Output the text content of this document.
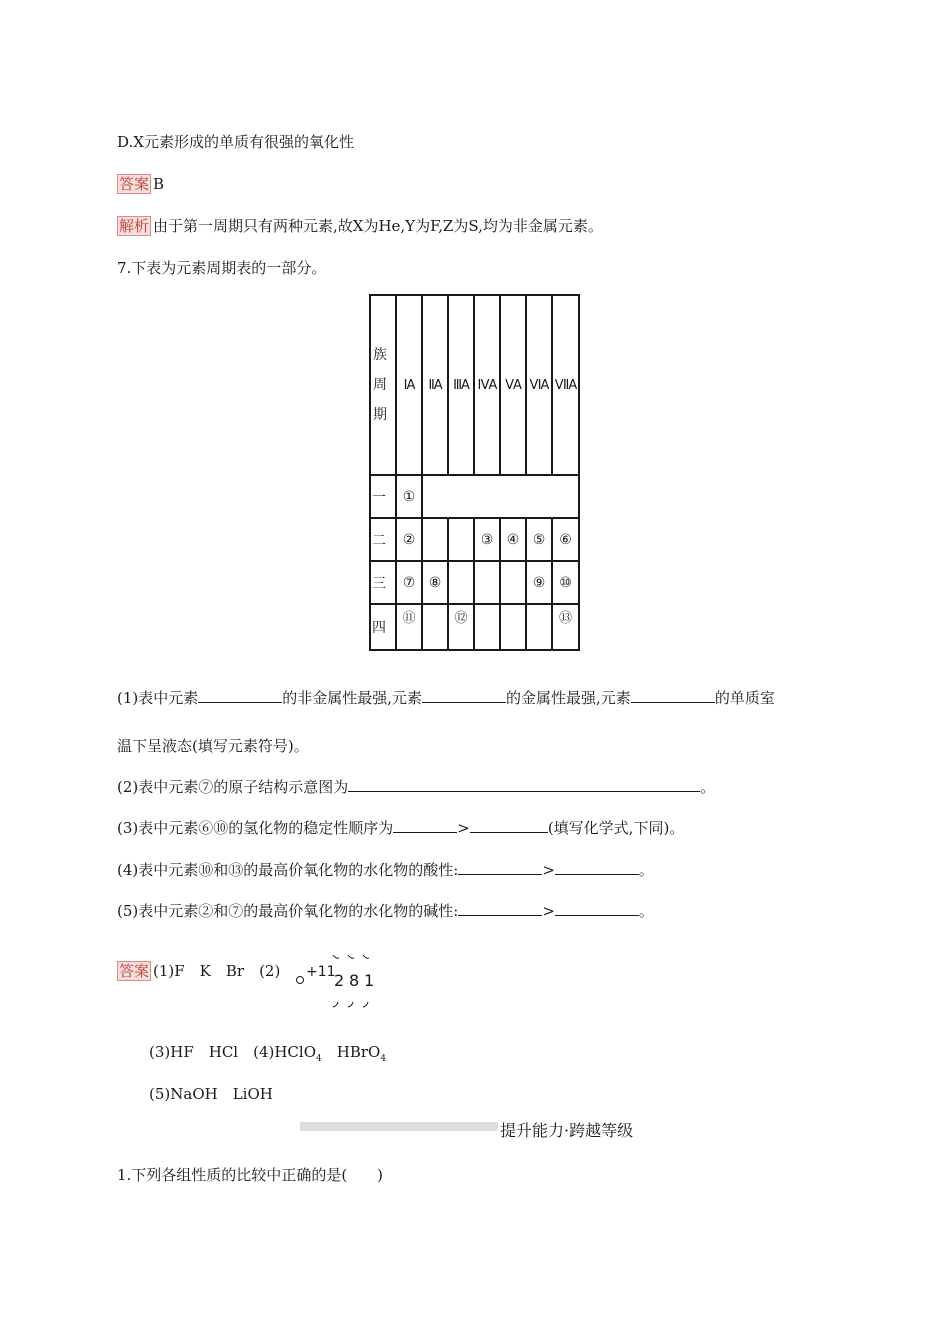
D.X元素形成的单质有很强的氧化性
答案 B
解析 由于第一周期只有两种元素,故X为He,Y为F,Z为S,均为非金属元素。
7.下表为元素周期表的一部分。
族
周
期	ⅠA	ⅡA	ⅢA	ⅣA	ⅤA	ⅥA	ⅦA
一	①						
二	②			③	④	⑤	⑥
三	⑦	⑧				⑨	⑩
四	⑪		⑫				⑬
(1)表中元素	的非金属性最强,元素	的金属性最强,元素	的单质室
温下呈液态(填写元素符号)。
(2)表中元素⑦的原子结构示意图为	。
(3)表中元素⑥⑩的氢化物的稳定性顺序为	>	(填写化学式,下同)。
(4)表中元素⑩和⑬的最高价氧化物的水化物的酸性:	>	。
(5)表中元素②和⑦的最高价氧化物的水化物的碱性:	>	。
答案 (1)F　K　Br　(2) +11
2 8 1
(3)HF　HCl　(4)HClO$_4$　HBrO$_4$
(5)NaOH　LiOH
提升能力·跨越等级
1.下列各组性质的比较中正确的是(　　)
